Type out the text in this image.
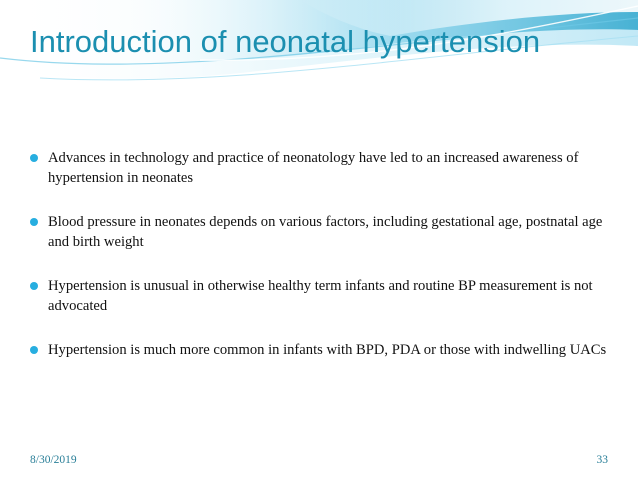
Introduction of neonatal hypertension
Advances in technology and practice of neonatology have led to an increased awareness of hypertension in neonates
Blood pressure in neonates depends on various factors, including gestational age, postnatal age and birth weight
Hypertension is unusual in otherwise healthy term infants and routine BP measurement is not advocated
Hypertension is much more common in infants with BPD, PDA or those with indwelling UACs
8/30/2019	33
